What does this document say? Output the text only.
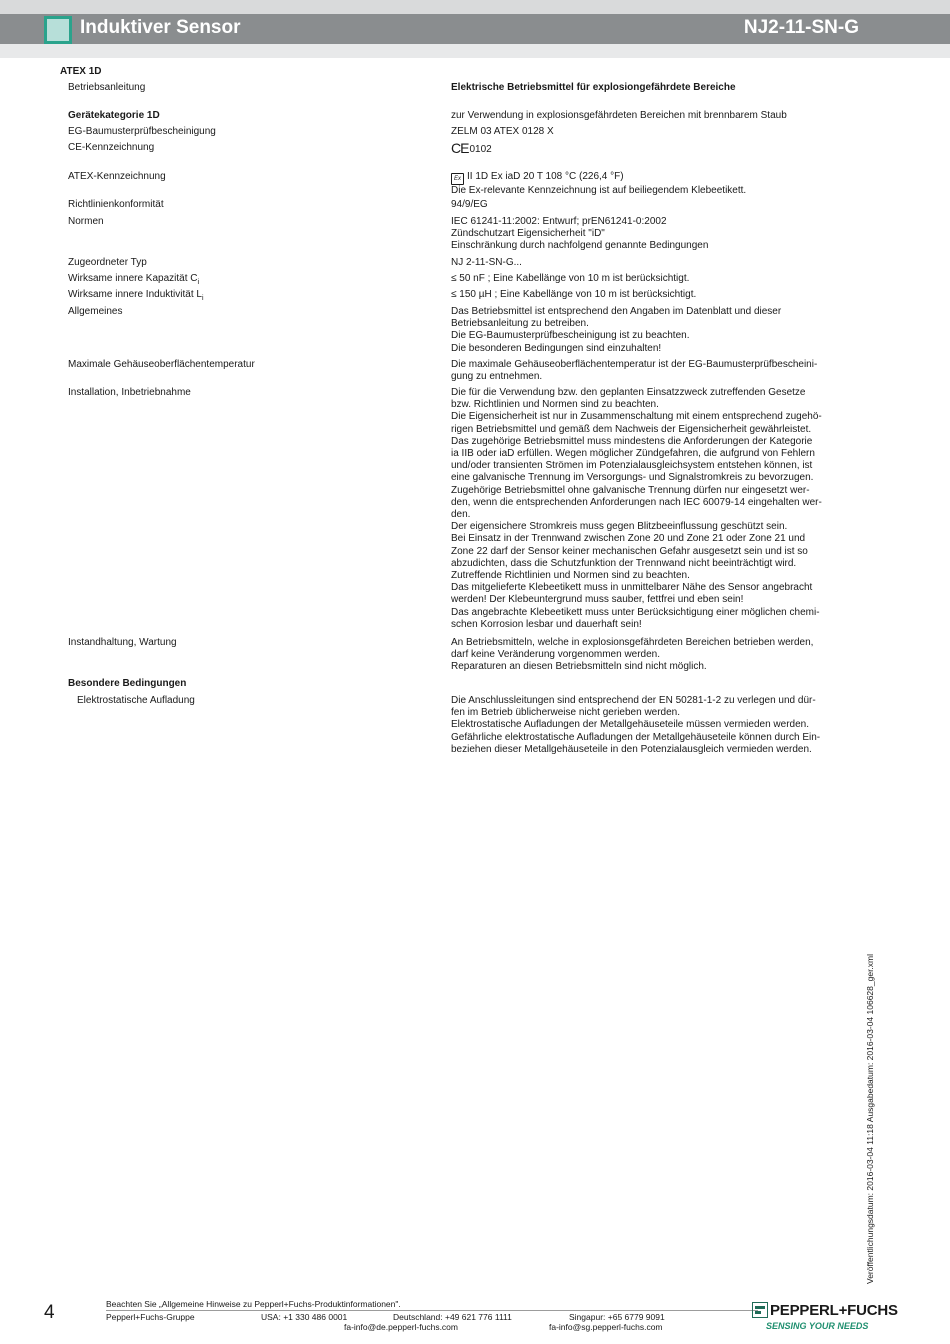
Induktiver Sensor	NJ2-11-SN-G
ATEX 1D
Betriebsanleitung	Elektrische Betriebsmittel für explosiongefährdete Bereiche

Gerätekategorie 1D	zur Verwendung in explosionsgefährdeten Bereichen mit brennbarem Staub

EG-Baumusterprüfbescheinigung	ZELM 03 ATEX 0128 X

CE-Kennzeichnung	CE0102

ATEX-Kennzeichnung	Ex II 1D Ex iaD 20 T 108 °C (226,4 °F)

Die Ex-relevante Kennzeichnung ist auf beiliegendem Klebeetikett.

Richtlinienkonformität	94/9/EG

Normen	IEC 61241-11:2002: Entwurf; prEN61241-0:2002

Zündschutzart Eigensicherheit "iD"

Einschränkung durch nachfolgend genannte Bedingungen

Zugeordneter Typ	NJ 2-11-SN-G...

Wirksame innere Kapazität $C_i$	≤ 50 nF ; Eine Kabellänge von 10 m ist berücksichtigt.

Wirksame innere Induktivität $L_i$	≤ 150 µH ; Eine Kabellänge von 10 m ist berücksichtigt.

Allgemeines	Das Betriebsmittel ist entsprechend den Angaben im Datenblatt und dieser

Betriebsanleitung zu betreiben.

Die EG-Baumusterprüfbescheinigung ist zu beachten.

Die besonderen Bedingungen sind einzuhalten!

Maximale Gehäuseoberflächentemperatur	Die maximale Gehäuseoberflächentemperatur ist der EG-Baumusterprüfbescheini-

gung zu entnehmen.

Installation, Inbetriebnahme	Die für die Verwendung bzw. den geplanten Einsatzzweck zutreffenden Gesetze

bzw. Richtlinien und Normen sind zu beachten.

Die Eigensicherheit ist nur in Zusammenschaltung mit einem entsprechend zugehö-

rigen Betriebsmittel und gemäß dem Nachweis der Eigensicherheit gewährleistet.

Das zugehörige Betriebsmittel muss mindestens die Anforderungen der Kategorie

ia IIB oder iaD erfüllen. Wegen möglicher Zündgefahren, die aufgrund von Fehlern

und/oder transienten Strömen im Potenzialausgleichsystem entstehen können, ist

eine galvanische Trennung im Versorgungs- und Signalstromkreis zu bevorzugen.

Zugehörige Betriebsmittel ohne galvanische Trennung dürfen nur eingesetzt wer-

den, wenn die entsprechenden Anforderungen nach IEC 60079-14 eingehalten wer-

den.

Der eigensichere Stromkreis muss gegen Blitzbeeinflussung geschützt sein.

Bei Einsatz in der Trennwand zwischen Zone 20 und Zone 21 oder Zone 21 und

Zone 22 darf der Sensor keiner mechanischen Gefahr ausgesetzt sein und ist so

abzudichten, dass die Schutzfunktion der Trennwand nicht beeinträchtigt wird.

Zutreffende Richtlinien und Normen sind zu beachten.

Das mitgelieferte Klebeetikett muss in unmittelbarer Nähe des Sensor angebracht

werden! Der Klebeuntergrund muss sauber, fettfrei und eben sein!

Das angebrachte Klebeetikett muss unter Berücksichtigung einer möglichen chemi-

schen Korrosion lesbar und dauerhaft sein!

Instandhaltung, Wartung	An Betriebsmitteln, welche in explosionsgefährdeten Bereichen betrieben werden,

darf keine Veränderung vorgenommen werden.

Reparaturen an diesen Betriebsmitteln sind nicht möglich.

Besondere Bedingungen
Elektrostatische Aufladung	Die Anschlussleitungen sind entsprechend der EN 50281-1-2 zu verlegen und dür-

fen im Betrieb üblicherweise nicht gerieben werden.

Elektrostatische Aufladungen der Metallgehäuseteile müssen vermieden werden.

Gefährliche elektrostatische Aufladungen der Metallgehäuseteile können durch Ein-

beziehen dieser Metallgehäuseteile in den Potenzialausgleich vermieden werden.

Veröffentlichungsdatum: 2016-03-04 11:18 Ausgabedatum: 2016-03-04 106628_ger.xml
4	Beachten Sie „Allgemeine Hinweise zu Pepperl+Fuchs-Produktinformationen".
Pepperl+Fuchs-Gruppe	USA: +1 330 486 0001	Deutschland: +49 621 776 1111
fa-info@de.pepperl-fuchs.com
Singapur: +65 6779 9091
fa-info@sg.pepperl-fuchs.com
PEPPERL+FUCHS
SENSING YOUR NEEDS
